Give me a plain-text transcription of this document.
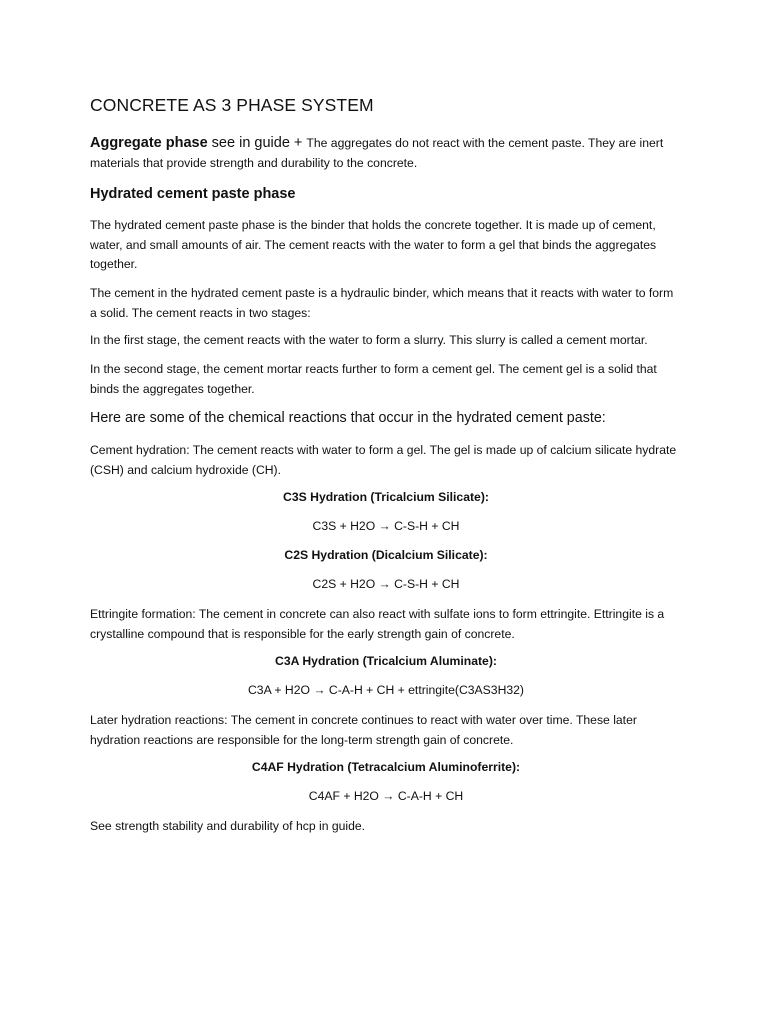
CONCRETE AS 3 PHASE SYSTEM

Aggregate phase see in guide + The aggregates do not react with the cement paste. They are inert materials that provide strength and durability to the concrete.

Hydrated cement paste phase

The hydrated cement paste phase is the binder that holds the concrete together. It is made up of cement, water, and small amounts of air. The cement reacts with the water to form a gel that binds the aggregates together.

The cement in the hydrated cement paste is a hydraulic binder, which means that it reacts with water to form a solid. The cement reacts in two stages:

In the first stage, the cement reacts with the water to form a slurry. This slurry is called a cement mortar.

In the second stage, the cement mortar reacts further to form a cement gel. The cement gel is a solid that binds the aggregates together.

Here are some of the chemical reactions that occur in the hydrated cement paste:

Cement hydration: The cement reacts with water to form a gel. The gel is made up of calcium silicate hydrate (CSH) and calcium hydroxide (CH).

C3S Hydration (Tricalcium Silicate):

C3S + H2O → C-S-H + CH

C2S Hydration (Dicalcium Silicate):

C2S + H2O → C-S-H + CH

Ettringite formation: The cement in concrete can also react with sulfate ions to form ettringite. Ettringite is a crystalline compound that is responsible for the early strength gain of concrete.

C3A Hydration (Tricalcium Aluminate):

C3A + H2O → C-A-H + CH + ettringite(C3AS3H32)

Later hydration reactions: The cement in concrete continues to react with water over time. These later hydration reactions are responsible for the long-term strength gain of concrete.

C4AF Hydration (Tetracalcium Aluminoferrite):

C4AF + H2O → C-A-H + CH

See strength stability and durability of hcp in guide.
